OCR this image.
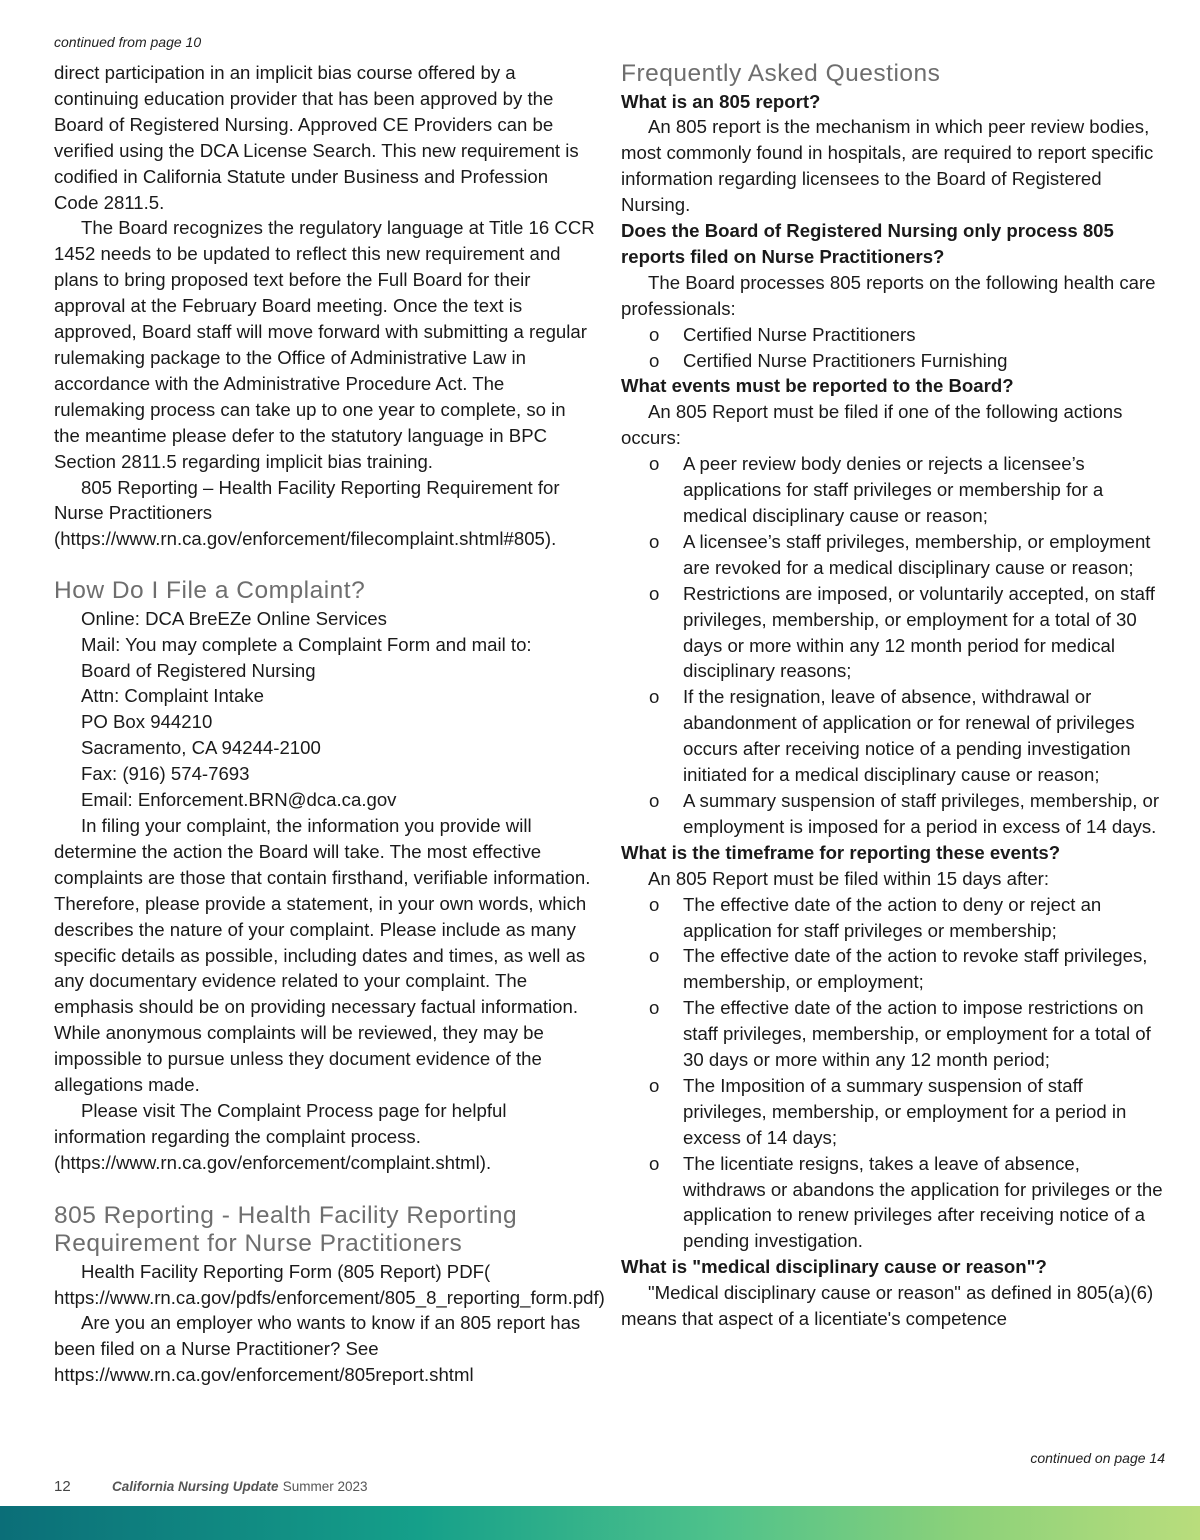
continued from page 10

direct participation in an implicit bias course offered by a continuing education provider that has been approved by the Board of Registered Nursing. Approved CE Providers can be verified using the DCA License Search. This new requirement is codified in California Statute under Business and Profession Code 2811.5.

The Board recognizes the regulatory language at Title 16 CCR 1452 needs to be updated to reflect this new requirement and plans to bring proposed text before the Full Board for their approval at the February Board meeting. Once the text is approved, Board staff will move forward with submitting a regular rulemaking package to the Office of Administrative Law in accordance with the Administrative Procedure Act. The rulemaking process can take up to one year to complete, so in the meantime please defer to the statutory language in BPC Section 2811.5 regarding implicit bias training.

805 Reporting – Health Facility Reporting Requirement for Nurse Practitioners (https://www.rn.ca.gov/enforcement/filecomplaint.shtml#805).

How Do I File a Complaint?
Online: DCA BreEZe Online Services
Mail: You may complete a Complaint Form and mail to:
Board of Registered Nursing
Attn: Complaint Intake
PO Box 944210
Sacramento, CA 94244-2100
Fax: (916) 574-7693
Email: Enforcement.BRN@dca.ca.gov

In filing your complaint, the information you provide will determine the action the Board will take. The most effective complaints are those that contain firsthand, verifiable information. Therefore, please provide a statement, in your own words, which describes the nature of your complaint. Please include as many specific details as possible, including dates and times, as well as any documentary evidence related to your complaint. The emphasis should be on providing necessary factual information. While anonymous complaints will be reviewed, they may be impossible to pursue unless they document evidence of the allegations made.

Please visit The Complaint Process page for helpful information regarding the complaint process. (https://www.rn.ca.gov/enforcement/complaint.shtml).

805 Reporting - Health Facility Reporting Requirement for Nurse Practitioners

Health Facility Reporting Form (805 Report) PDF( https://www.rn.ca.gov/pdfs/enforcement/805_8_reporting_form.pdf)

Are you an employer who wants to know if an 805 report has been filed on a Nurse Practitioner? See https://www.rn.ca.gov/enforcement/805report.shtml

Frequently Asked Questions

What is an 805 report?

An 805 report is the mechanism in which peer review bodies, most commonly found in hospitals, are required to report specific information regarding licensees to the Board of Registered Nursing.

Does the Board of Registered Nursing only process 805 reports filed on Nurse Practitioners?

The Board processes 805 reports on the following health care professionals:

o Certified Nurse Practitioners
o Certified Nurse Practitioners Furnishing

What events must be reported to the Board?

An 805 Report must be filed if one of the following actions occurs:

o A peer review body denies or rejects a licensee’s applications for staff privileges or membership for a medical disciplinary cause or reason;
o A licensee’s staff privileges, membership, or employment are revoked for a medical disciplinary cause or reason;
o Restrictions are imposed, or voluntarily accepted, on staff privileges, membership, or employment for a total of 30 days or more within any 12 month period for medical disciplinary reasons;
o If the resignation, leave of absence, withdrawal or abandonment of application or for renewal of privileges occurs after receiving notice of a pending investigation initiated for a medical disciplinary cause or reason;
o A summary suspension of staff privileges, membership, or employment is imposed for a period in excess of 14 days.

What is the timeframe for reporting these events?

An 805 Report must be filed within 15 days after:

o The effective date of the action to deny or reject an application for staff privileges or membership;
o The effective date of the action to revoke staff privileges, membership, or employment;
o The effective date of the action to impose restrictions on staff privileges, membership, or employment for a total of 30 days or more within any 12 month period;
o The Imposition of a summary suspension of staff privileges, membership, or employment for a period in excess of 14 days;
o The licentiate resigns, takes a leave of absence, withdraws or abandons the application for privileges or the application to renew privileges after receiving notice of a pending investigation.

What is "medical disciplinary cause or reason"?

"Medical disciplinary cause or reason" as defined in 805(a)(6) means that aspect of a licentiate's competence

continued on page 14
12	California Nursing Update Summer 2023
